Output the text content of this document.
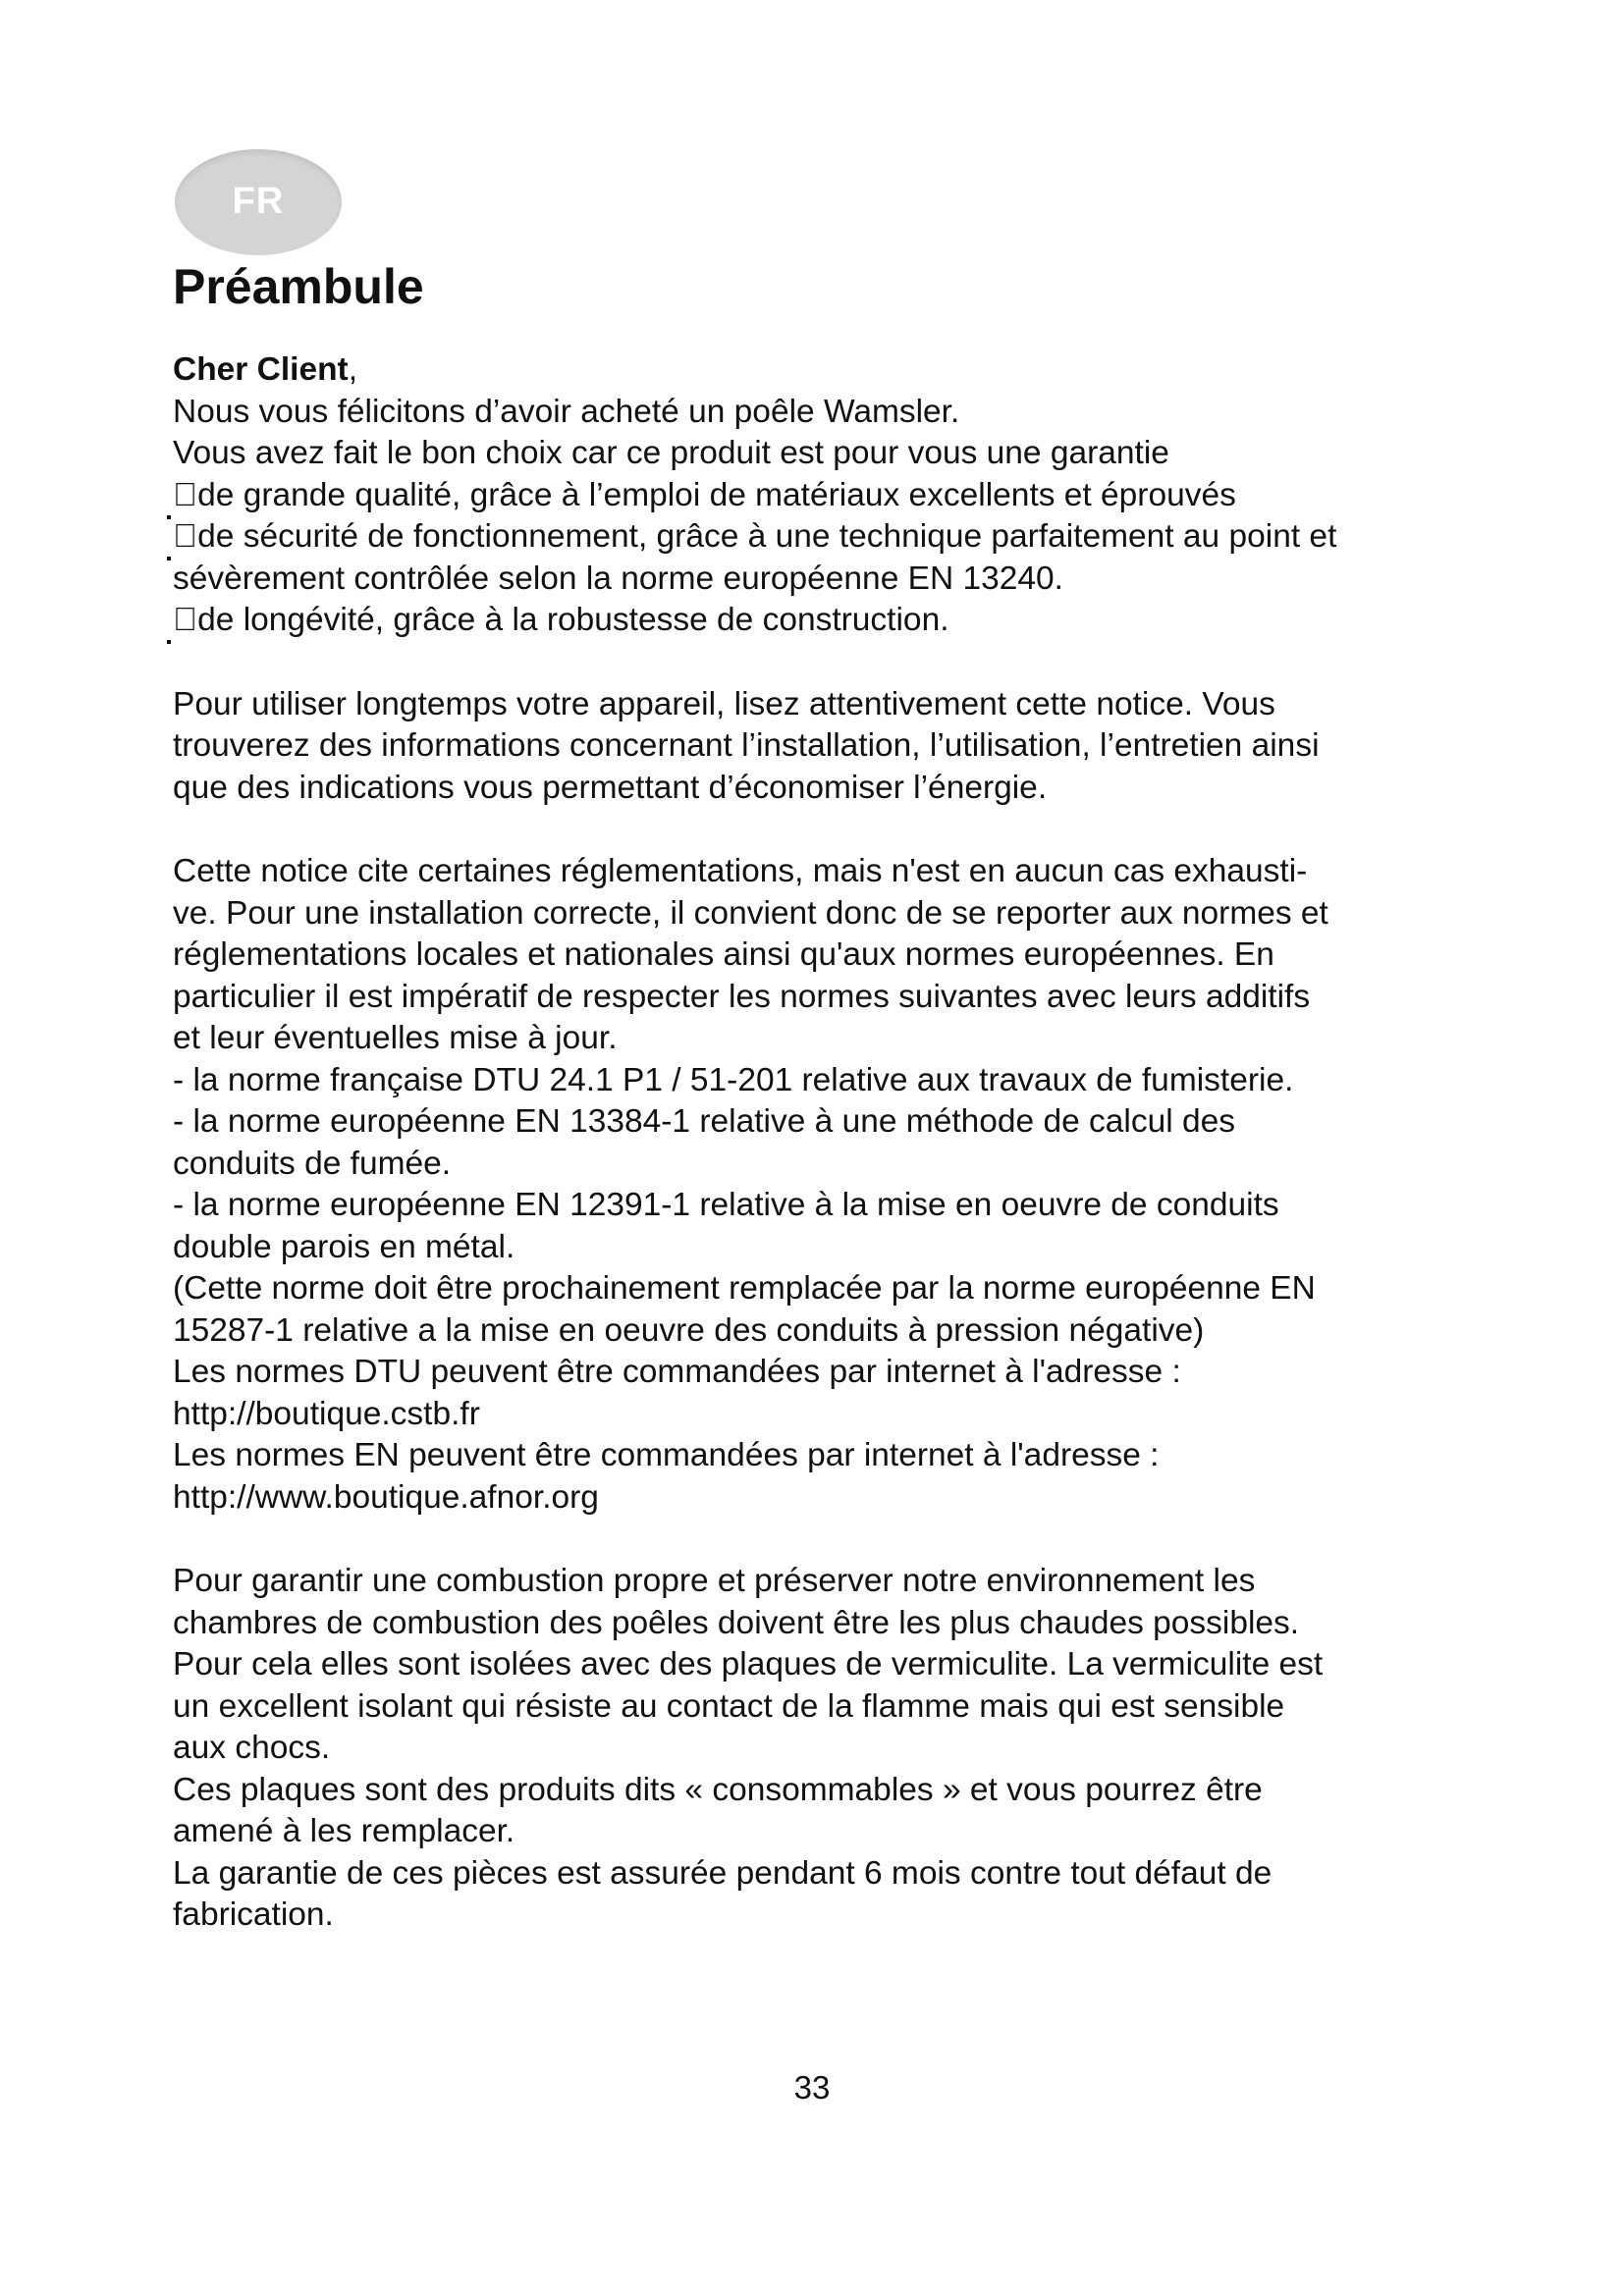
FR
Préambule
Cher Client,
Nous vous félicitons d’avoir acheté un poêle Wamsler.
Vous avez fait le bon choix car ce produit est pour vous une garantie
 de grande qualité, grâce à l’emploi de matériaux excellents et éprouvés
 de sécurité de fonctionnement, grâce à une technique parfaitement au point et
sévèrement contrôlée selon la norme européenne EN 13240.
 de longévité, grâce à la robustesse de construction.
Pour utiliser longtemps votre appareil, lisez attentivement cette notice. Vous
trouverez des informations concernant l’installation, l’utilisation, l’entretien ainsi
que des indications vous permettant d’économiser l’énergie.
Cette notice cite certaines réglementations, mais n'est en aucun cas exhausti-
ve. Pour une installation correcte, il convient donc de se reporter aux normes et
réglementations locales et nationales ainsi qu'aux normes européennes. En
particulier il est impératif de respecter les normes suivantes avec leurs additifs
et leur éventuelles mise à jour.
- la norme française DTU 24.1 P1 / 51-201 relative aux travaux de fumisterie.
- la norme européenne EN 13384-1 relative à une méthode de calcul des
conduits de fumée.
- la norme européenne EN 12391-1 relative à la mise en oeuvre de conduits
double parois en métal.
(Cette norme doit être prochainement remplacée par la norme européenne EN
15287-1 relative a la mise en oeuvre des conduits à pression négative)
Les normes DTU peuvent être commandées par internet à l'adresse :
http://boutique.cstb.fr
Les normes EN peuvent être commandées par internet à l'adresse :
http://www.boutique.afnor.org
Pour garantir une combustion propre et préserver notre environnement les
chambres de combustion des poêles doivent être les plus chaudes possibles.
Pour cela elles sont isolées avec des plaques de vermiculite. La vermiculite est
un excellent isolant qui résiste au contact de la flamme mais qui est sensible
aux chocs.
Ces plaques sont des produits dits « consommables » et vous pourrez être
amené à les remplacer.
La garantie de ces pièces est assurée pendant 6 mois contre tout défaut de
fabrication.
33
